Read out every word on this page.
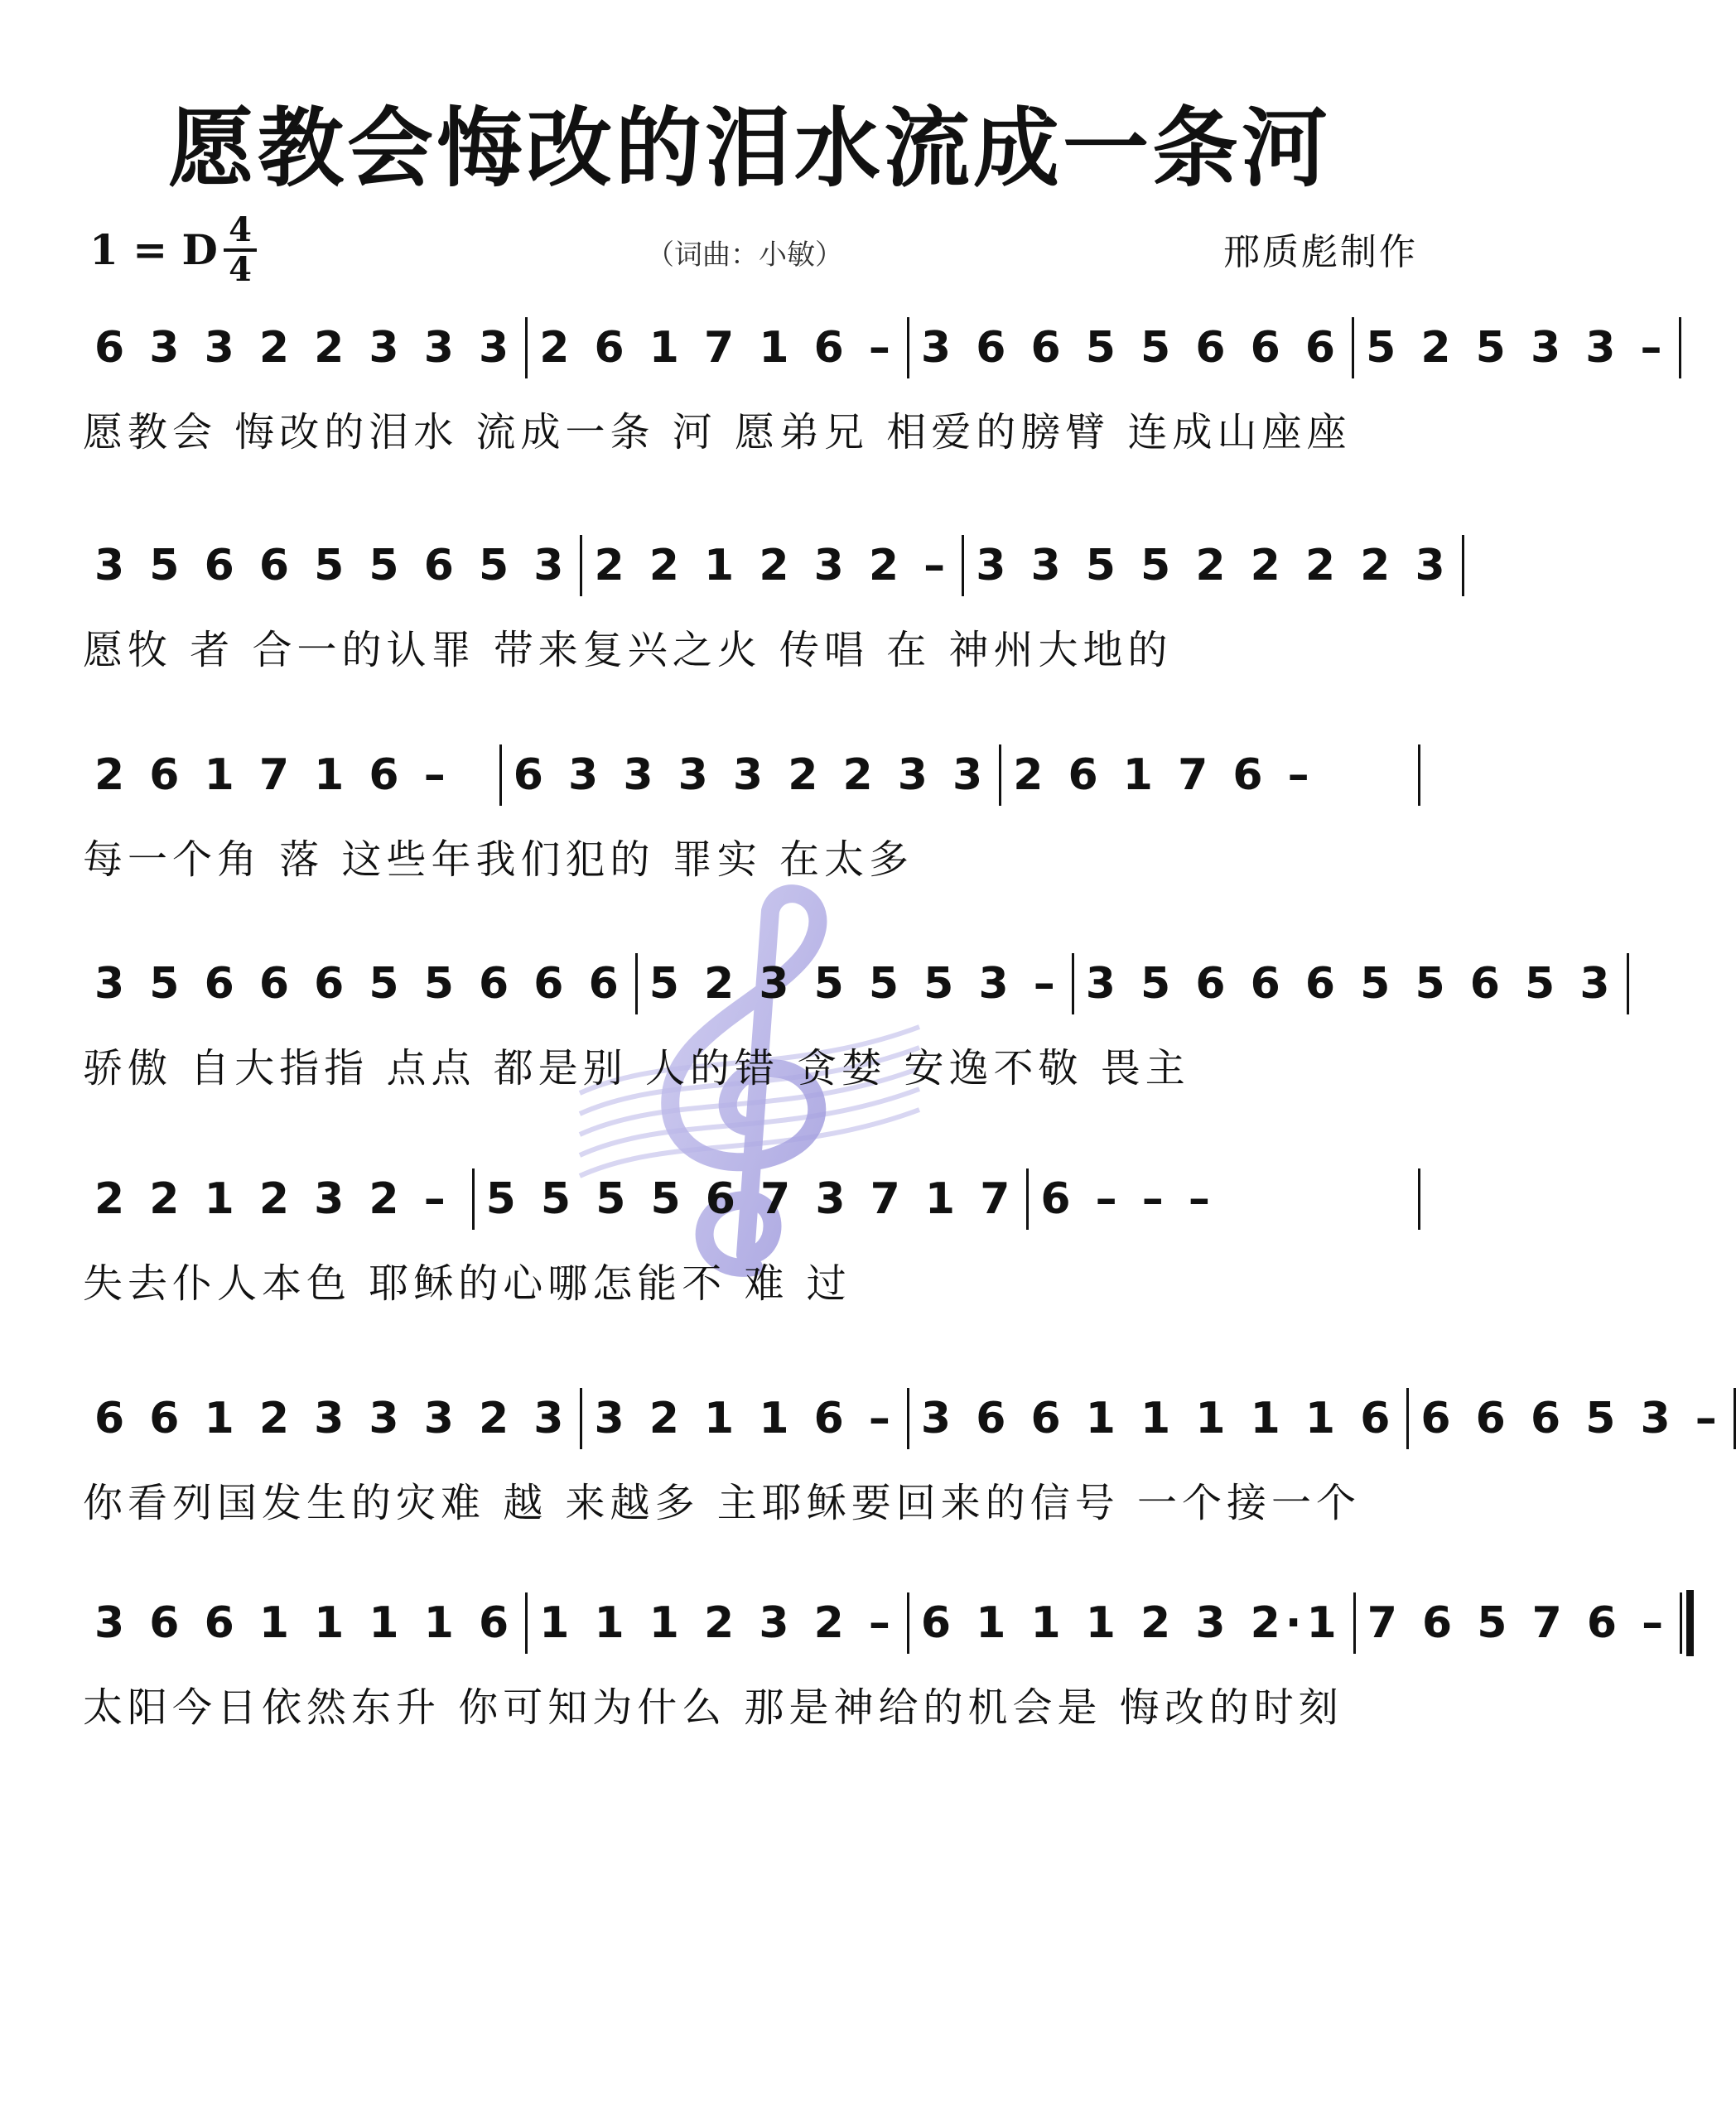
愿教会悔改的泪水流成一条河
1 = D 4
4	（词曲：小敏）	邢质彪制作
6 3 3 2 2 3 3 3 2 6 1 7 1 6 – 3 6 6 5 5 6 6 6 5 2 5 3 3 –
愿教会 悔改的泪水 流成一条 河 愿弟兄 相爱的膀臂 连成山座座
3 5 6 6 5 5 6 5 3 2 2 1 2 3 2 – 3 3 5 5 2 2 2 2 3
愿牧 者 合一的认罪 带来复兴之火 传唱 在 神州大地的
2 6 1 7 1 6 – 6 3 3 3 3 2 2 3 3 2 6 1 7 6 –
每一个角 落 这些年我们犯的 罪实 在太多
3 5 6 6 6 5 5 6 6 6 5 2 3 5 5 5 3 – 3 5 6 6 6 5 5 6 5 3
骄傲 自大指指 点点 都是别 人的错 贪婪 安逸不敬 畏主
2 2 1 2 3 2 – 5 5 5 5 6 7 3 7 1 7 6 – – –
失去仆人本色 耶稣的心哪怎能不 难 过
6 6 1 2 3 3 3 2 3 3 2 1 1 6 – 3 6 6 1 1 1 1 1 6 6 6 6 5 3 –
你看列国发生的灾难 越 来越多 主耶稣要回来的信号 一个接一个
3 6 6 1 1 1 1 6 1 1 1 2 3 2 – 6 1 1 1 2 3 2·1 7 6 5 7 6 –
太阳今日依然东升 你可知为什么 那是神给的机会是 悔改的时刻
